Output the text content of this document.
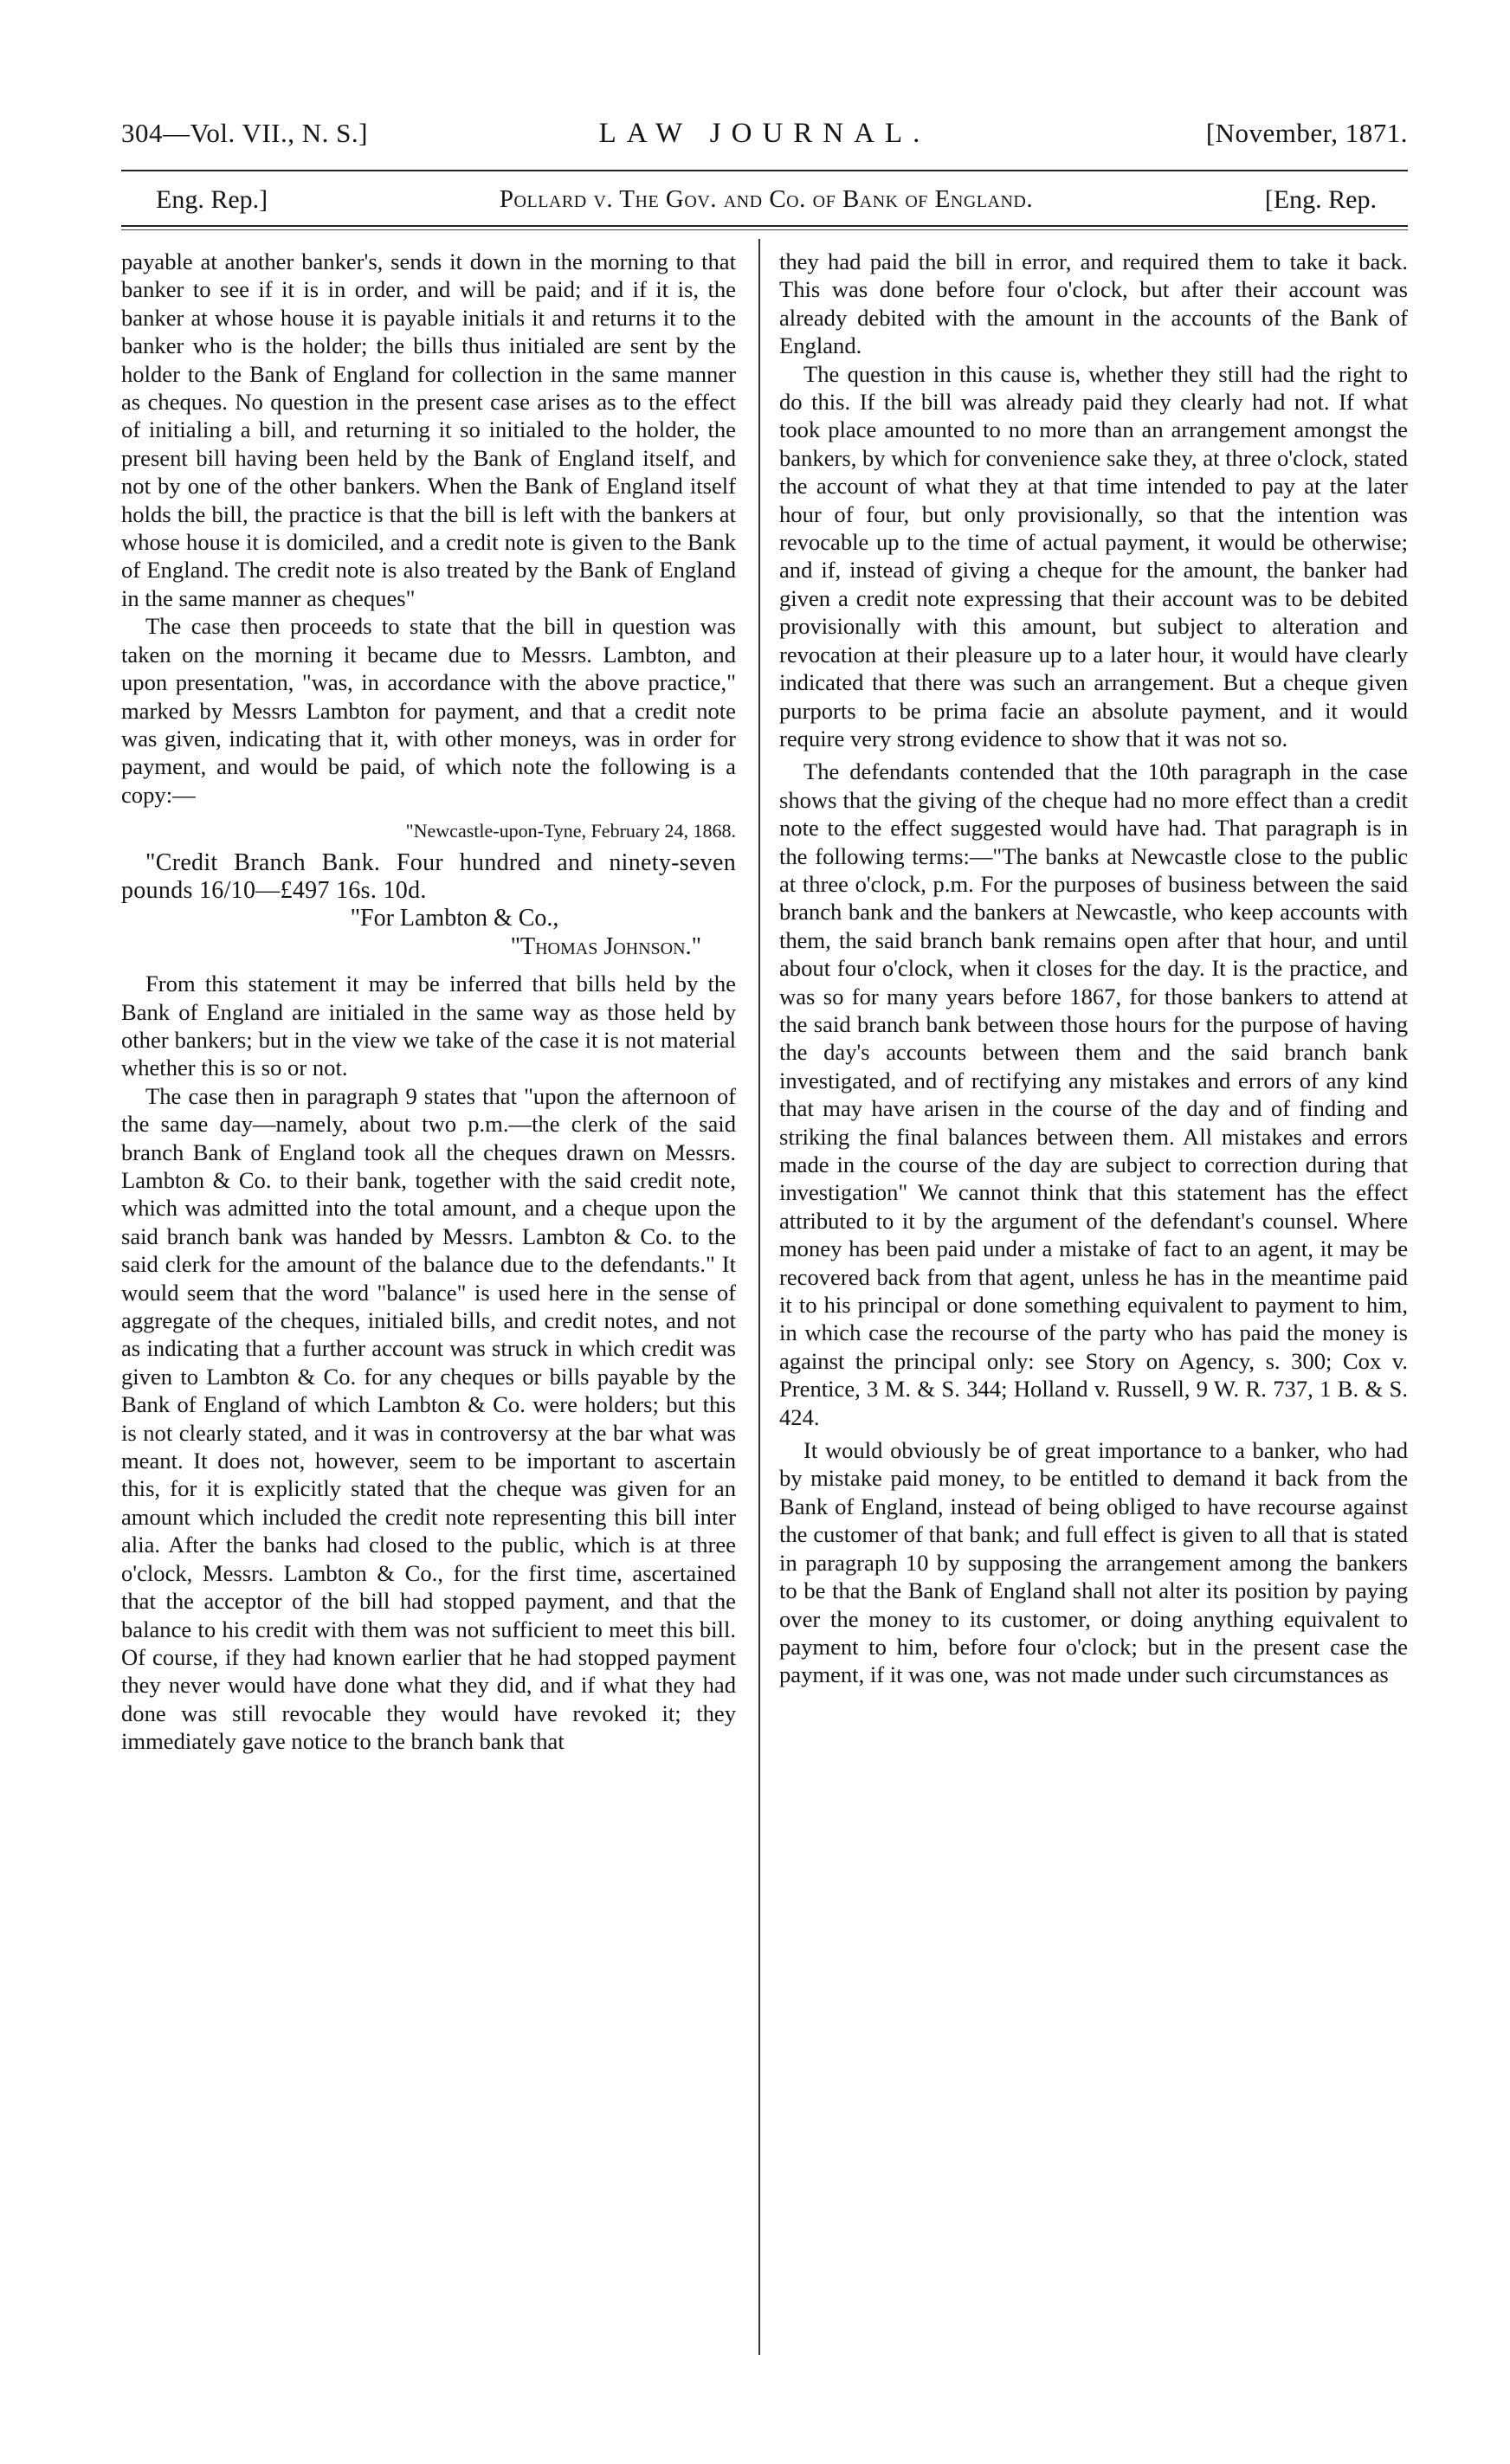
304—Vol. VII., N. S.]	LAW JOURNAL.	[November, 1871.
Eng. Rep.]	Pollard v. The Gov. and Co. of Bank of England.	[Eng. Rep.

payable at another banker's, sends it down in the morning to that banker to see if it is in order, and will be paid; and if it is, the banker at whose house it is payable initials it and returns it to the banker who is the holder; the bills thus initialed are sent by the holder to the Bank of England for collection in the same manner as cheques. No question in the present case arises as to the effect of initialing a bill, and returning it so initialed to the holder, the present bill having been held by the Bank of England itself, and not by one of the other bankers. When the Bank of England itself holds the bill, the practice is that the bill is left with the bankers at whose house it is domiciled, and a credit note is given to the Bank of England. The credit note is also treated by the Bank of England in the same manner as cheques"

The case then proceeds to state that the bill in question was taken on the morning it became due to Messrs. Lambton, and upon presentation, "was, in accordance with the above practice," marked by Messrs Lambton for payment, and that a credit note was given, indicating that it, with other moneys, was in order for payment, and would be paid, of which note the following is a copy:—

"Newcastle-upon-Tyne, February 24, 1868.
"Credit Branch Bank. Four hundred and ninety-seven pounds 16/10—£497 16s. 10d.
"For Lambton & Co.,
"Thomas Johnson."

From this statement it may be inferred that bills held by the Bank of England are initialed in the same way as those held by other bankers; but in the view we take of the case it is not material whether this is so or not.

The case then in paragraph 9 states that "upon the afternoon of the same day—namely, about two p.m.—the clerk of the said branch Bank of England took all the cheques drawn on Messrs. Lambton & Co. to their bank, together with the said credit note, which was admitted into the total amount, and a cheque upon the said branch bank was handed by Messrs. Lambton & Co. to the said clerk for the amount of the balance due to the defendants." It would seem that the word "balance" is used here in the sense of aggregate of the cheques, initialed bills, and credit notes, and not as indicating that a further account was struck in which credit was given to Lambton & Co. for any cheques or bills payable by the Bank of England of which Lambton & Co. were holders; but this is not clearly stated, and it was in controversy at the bar what was meant. It does not, however, seem to be important to ascertain this, for it is explicitly stated that the cheque was given for an amount which included the credit note representing this bill inter alia. After the banks had closed to the public, which is at three o'clock, Messrs. Lambton & Co., for the first time, ascertained that the acceptor of the bill had stopped payment, and that the balance to his credit with them was not sufficient to meet this bill. Of course, if they had known earlier that he had stopped payment they never would have done what they did, and if what they had done was still revocable they would have revoked it; they immediately gave notice to the branch bank that

they had paid the bill in error, and required them to take it back. This was done before four o'clock, but after their account was already debited with the amount in the accounts of the Bank of England.

The question in this cause is, whether they still had the right to do this. If the bill was already paid they clearly had not. If what took place amounted to no more than an arrangement amongst the bankers, by which for convenience sake they, at three o'clock, stated the account of what they at that time intended to pay at the later hour of four, but only provisionally, so that the intention was revocable up to the time of actual payment, it would be otherwise; and if, instead of giving a cheque for the amount, the banker had given a credit note expressing that their account was to be debited provisionally with this amount, but subject to alteration and revocation at their pleasure up to a later hour, it would have clearly indicated that there was such an arrangement. But a cheque given purports to be prima facie an absolute payment, and it would require very strong evidence to show that it was not so.

The defendants contended that the 10th paragraph in the case shows that the giving of the cheque had no more effect than a credit note to the effect suggested would have had. That paragraph is in the following terms:—"The banks at Newcastle close to the public at three o'clock, p.m. For the purposes of business between the said branch bank and the bankers at Newcastle, who keep accounts with them, the said branch bank remains open after that hour, and until about four o'clock, when it closes for the day. It is the practice, and was so for many years before 1867, for those bankers to attend at the said branch bank between those hours for the purpose of having the day's accounts between them and the said branch bank investigated, and of rectifying any mistakes and errors of any kind that may have arisen in the course of the day and of finding and striking the final balances between them. All mistakes and errors made in the course of the day are subject to correction during that investigation" We cannot think that this statement has the effect attributed to it by the argument of the defendant's counsel. Where money has been paid under a mistake of fact to an agent, it may be recovered back from that agent, unless he has in the meantime paid it to his principal or done something equivalent to payment to him, in which case the recourse of the party who has paid the money is against the principal only: see Story on Agency, s. 300; Cox v. Prentice, 3 M. & S. 344; Holland v. Russell, 9 W. R. 737, 1 B. & S. 424.

It would obviously be of great importance to a banker, who had by mistake paid money, to be entitled to demand it back from the Bank of England, instead of being obliged to have recourse against the customer of that bank; and full effect is given to all that is stated in paragraph 10 by supposing the arrangement among the bankers to be that the Bank of England shall not alter its position by paying over the money to its customer, or doing anything equivalent to payment to him, before four o'clock; but in the present case the payment, if it was one, was not made under such circumstances as
